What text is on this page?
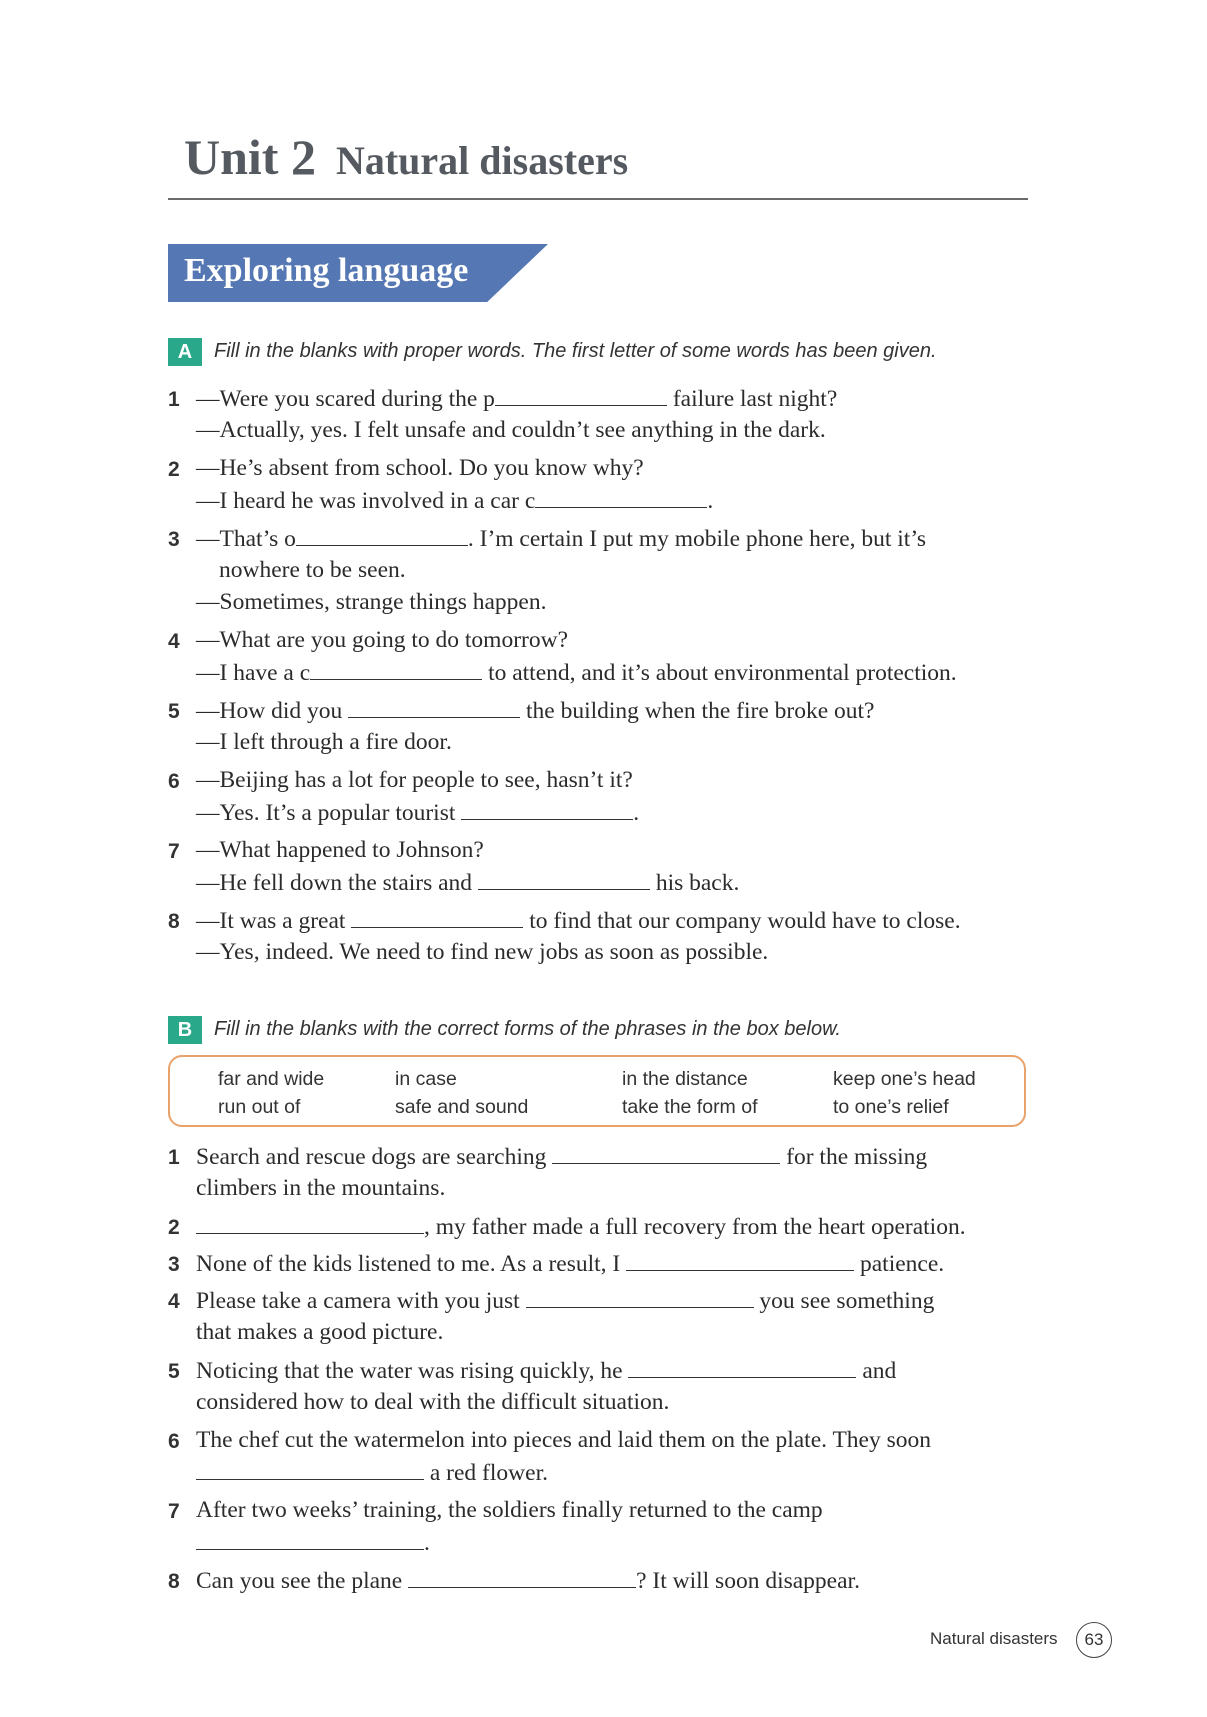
Unit 2 Natural disasters
Exploring language
A	Fill in the blanks with proper words. The first letter of some words has been given.
1 —Were you scared during the p	failure last night?
—Actually, yes. I felt unsafe and couldn’t see anything in the dark.
2 —He’s absent from school. Do you know why?
—I heard he was involved in a car c	.
3 —That’s o	. I’m certain I put my mobile phone here, but it’s
nowhere to be seen.
—Sometimes, strange things happen.
4 —What are you going to do tomorrow?
—I have a c	to attend, and it’s about environmental protection.
5 —How did you	the building when the fire broke out?
—I left through a fire door.
6 —Beijing has a lot for people to see, hasn’t it?
—Yes. It’s a popular tourist	.
7 —What happened to Johnson?
—He fell down the stairs and	his back.
8 —It was a great	to find that our company would have to close.
—Yes, indeed. We need to find new jobs as soon as possible.
B	Fill in the blanks with the correct forms of the phrases in the box below.
far and wide	in case	in the distance	keep one’s head
run out of	safe and sound	take the form of	to one’s relief
1 Search and rescue dogs are searching	for the missing
climbers in the mountains.
2	, my father made a full recovery from the heart operation.
3 None of the kids listened to me. As a result, I	patience.
4 Please take a camera with you just	you see something
that makes a good picture.
5 Noticing that the water was rising quickly, he	and
considered how to deal with the difficult situation.
6 The chef cut the watermelon into pieces and laid them on the plate. They soon
a red flower.
7 After two weeks’ training, the soldiers finally returned to the camp
.
8 Can you see the plane	? It will soon disappear.
Natural disasters	63
